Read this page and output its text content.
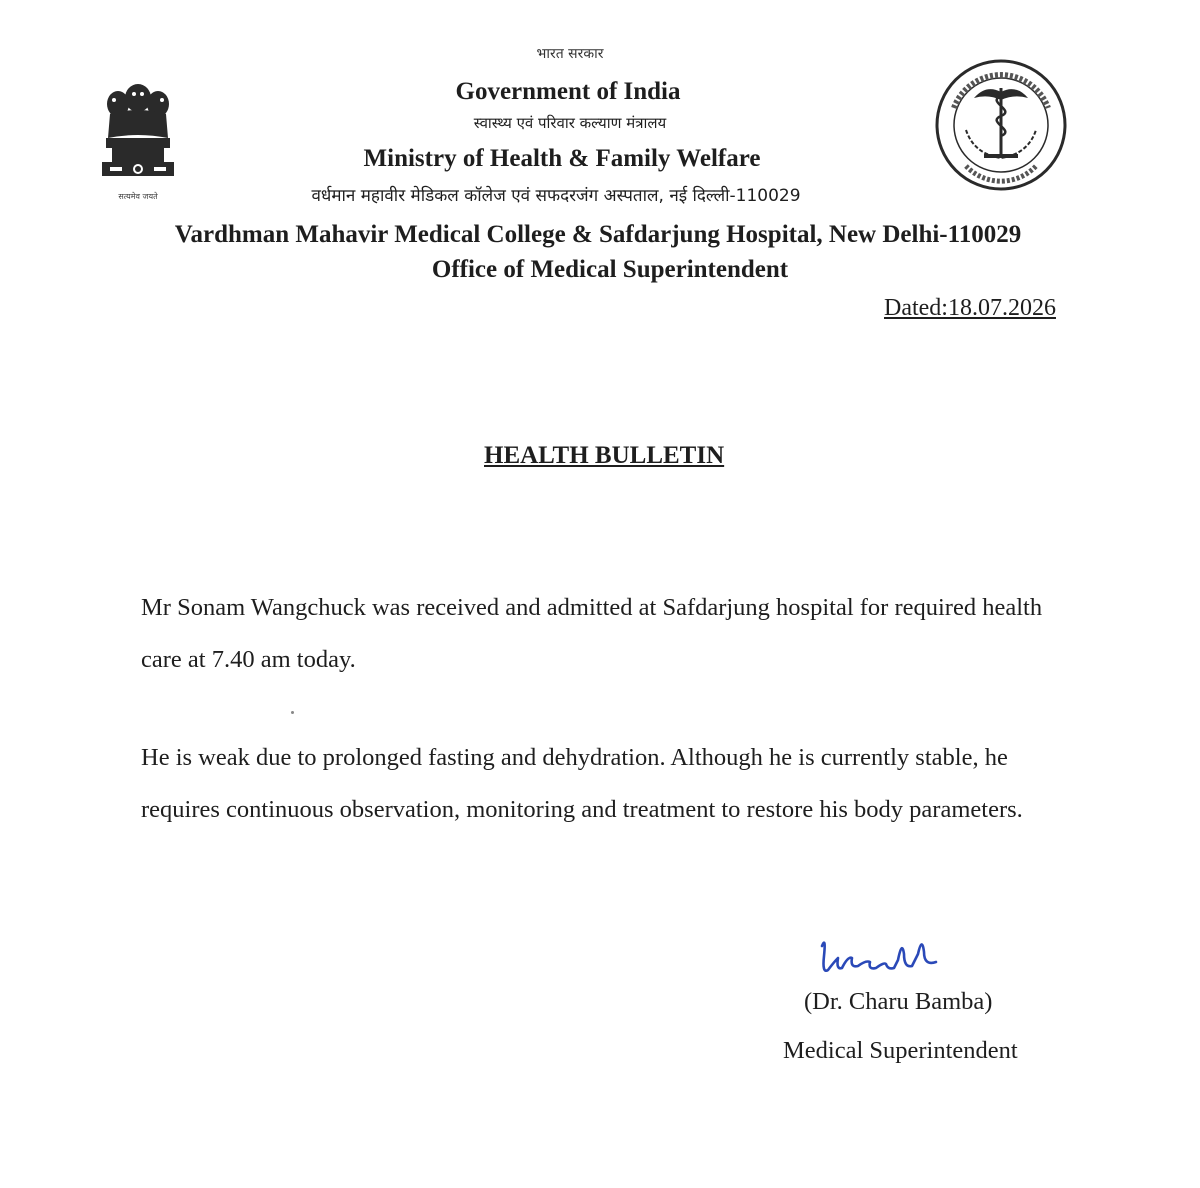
सत्यमेव जयते
भारत सरकार
Government of India
स्वास्थ्य एवं परिवार कल्याण मंत्रालय
Ministry of Health & Family Welfare
वर्धमान महावीर मेडिकल कॉलेज एवं सफदरजंग अस्पताल, नई दिल्ली-110029
Vardhman Mahavir Medical College & Safdarjung Hospital, New Delhi-110029
Office of Medical Superintendent
Dated:18.07.2026
HEALTH BULLETIN
Mr Sonam Wangchuck was received and admitted at Safdarjung hospital for required health care at 7.40 am today.
He is weak due to prolonged fasting and dehydration. Although he is currently stable, he requires continuous observation, monitoring and treatment to restore his body parameters.
(Dr. Charu Bamba)
Medical Superintendent
